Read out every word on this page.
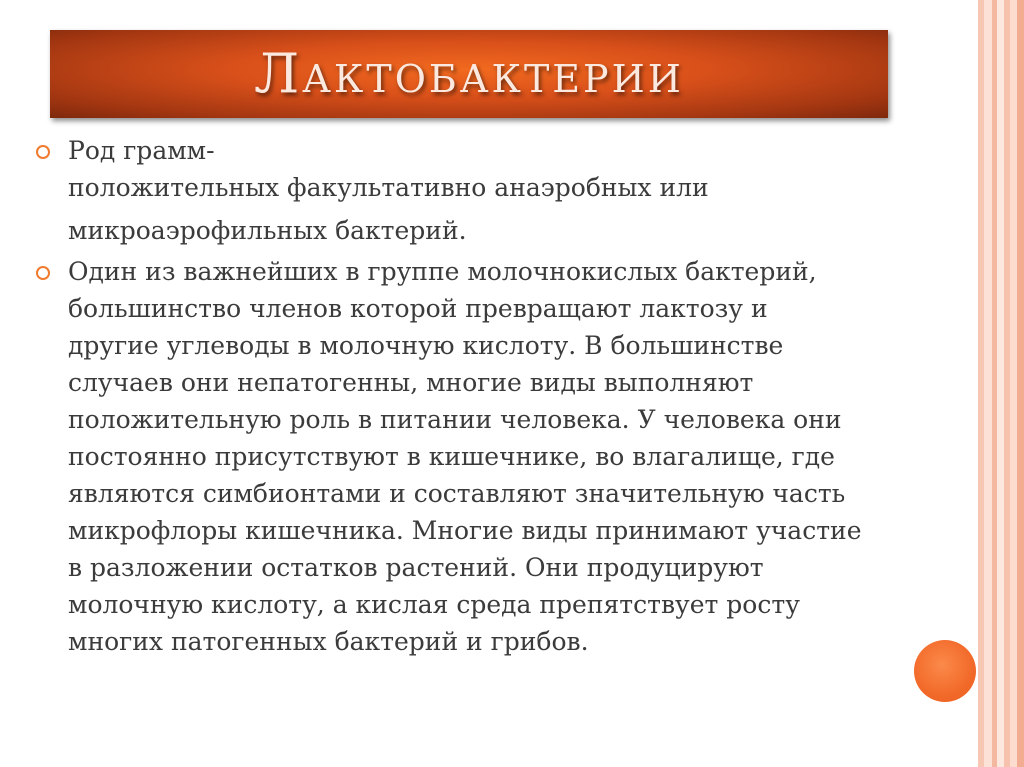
Лактобактерии
Род грамм-
положительных факультативно анаэробных или
микроаэрофильных бактерий.
Один из важнейших в группе молочнокислых бактерий,
большинство членов которой превращают лактозу и
другие углеводы в молочную кислоту. В большинстве
случаев они непатогенны, многие виды выполняют
положительную роль в питании человека. У человека они
постоянно присутствуют в кишечнике, во влагалище, где
являются симбионтами и составляют значительную часть
микрофлоры кишечника. Многие виды принимают участие
в разложении остатков растений. Они продуцируют
молочную кислоту, а кислая среда препятствует росту
многих патогенных бактерий и грибов.
